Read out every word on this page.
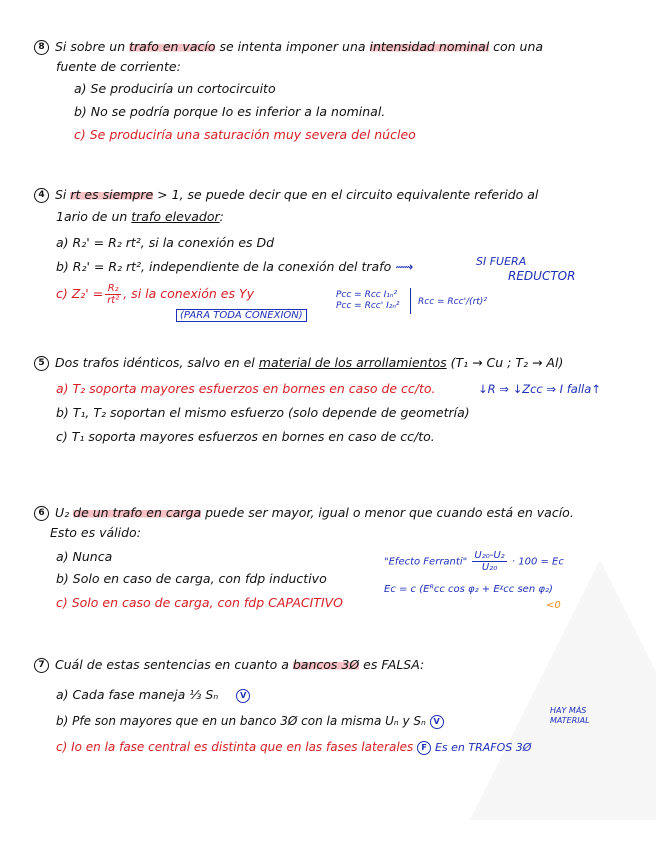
8 Si sobre un trafo en vacío se intenta imponer una intensidad nominal con una
fuente de corriente:
a) Se produciría un cortocircuito
b) No se podría porque Io es inferior a la nominal.
c) Se produciría una saturación muy severa del núcleo
4 Si rt es siempre > 1, se puede decir que en el circuito equivalente referido al
1ario de un trafo elevador:
a) R₂' = R₂ rt², si la conexión es Dd
b) R₂' = R₂ rt², independiente de la conexión del trafo ⟿	SI FUERA
REDUCTOR
c) $Z_2' = \frac{\text{R₂}}{\text{rt²}}$ , si la conexión es Yy
(PARA TODA CONEXIÓN)
Pcc = Rcc I₁ₙ²
Pcc = Rcc' I₂ₙ² Rcc = Rcc'/(rt)²
5 Dos trafos idénticos, salvo en el material de los arrollamientos (T₁ → Cu ; T₂ → Al)
a) T₂ soporta mayores esfuerzos en bornes en caso de cc/to.	↓R ⇒ ↓Zcc ⇒ I falla↑
b) T₁, T₂ soportan el mismo esfuerzo (solo depende de geometría)
c) T₁ soporta mayores esfuerzos en bornes en caso de cc/to.
6 U₂ de un trafo en carga puede ser mayor, igual o menor que cuando está en vacío.
Esto es válido:
a) Nunca
b) Solo en caso de carga, con fdp inductivo
c) Solo en caso de carga, con fdp CAPACITIVO
"Efecto Ferranti" $\frac{\text{U₂₀-U₂}}{\text{U₂₀}} \cdot 100 = Ec$
Ec = c (Eᴿcc cos φ₂ + Eᵡcc sen φ₂)
<0
7 Cuál de estas sentencias en cuanto a bancos 3Ø es FALSA:
a) Cada fase maneja ⅓ Sₙ	V
b) Pfe son mayores que en un banco 3Ø con la misma Uₙ y Sₙ V
HAY MÁS
MATERIAL
c) Io en la fase central es distinta que en las fases laterales F Es en TRAFOS 3Ø
